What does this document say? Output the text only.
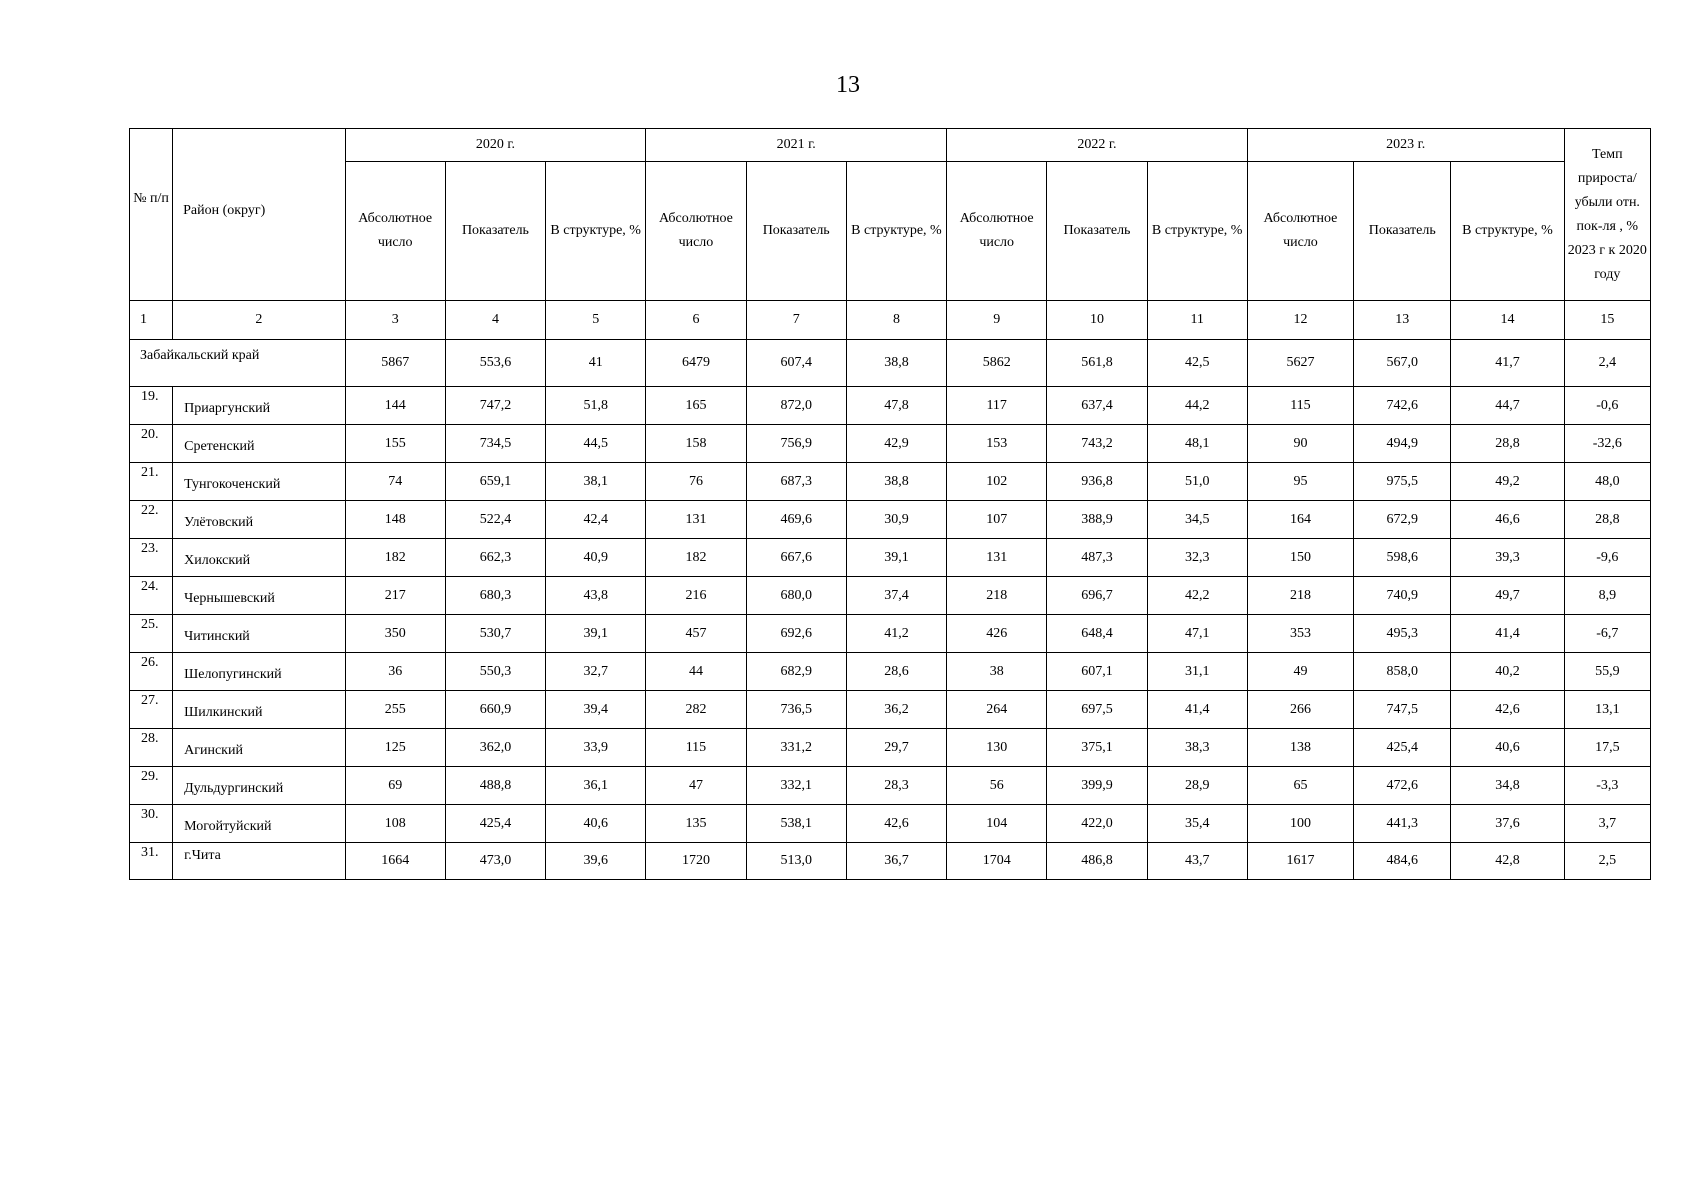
13
№ п/п	Район (округ)	2020 г.			2021 г.			2022 г.			2023 г.			Темп прироста/ убыли отн. пок-ля , % 2023 г к 2020 году
		Абсолютное число	Показатель	В структуре, %	Абсолютное число	Показатель	В структуре, %	Абсолютное число	Показатель	В структуре, %	Абсолютное число	Показатель	В структуре, %	
1	2	3	4	5	6	7	8	9	10	11	12	13	14	15
Забайкальский край		5867	553,6	41	6479	607,4	38,8	5862	561,8	42,5	5627	567,0	41,7	2,4
19.	Приаргунский	144	747,2	51,8	165	872,0	47,8	117	637,4	44,2	115	742,6	44,7	-0,6
20.	Сретенский	155	734,5	44,5	158	756,9	42,9	153	743,2	48,1	90	494,9	28,8	-32,6
21.	Тунгокоченский	74	659,1	38,1	76	687,3	38,8	102	936,8	51,0	95	975,5	49,2	48,0
22.	Улётовский	148	522,4	42,4	131	469,6	30,9	107	388,9	34,5	164	672,9	46,6	28,8
23.	Хилокский	182	662,3	40,9	182	667,6	39,1	131	487,3	32,3	150	598,6	39,3	-9,6
24.	Чернышевский	217	680,3	43,8	216	680,0	37,4	218	696,7	42,2	218	740,9	49,7	8,9
25.	Читинский	350	530,7	39,1	457	692,6	41,2	426	648,4	47,1	353	495,3	41,4	-6,7
26.	Шелопугинский	36	550,3	32,7	44	682,9	28,6	38	607,1	31,1	49	858,0	40,2	55,9
27.	Шилкинский	255	660,9	39,4	282	736,5	36,2	264	697,5	41,4	266	747,5	42,6	13,1
28.	Агинский	125	362,0	33,9	115	331,2	29,7	130	375,1	38,3	138	425,4	40,6	17,5
29.	Дульдургинский	69	488,8	36,1	47	332,1	28,3	56	399,9	28,9	65	472,6	34,8	-3,3
30.	Могойтуйский	108	425,4	40,6	135	538,1	42,6	104	422,0	35,4	100	441,3	37,6	3,7
31.	г.Чита	1664	473,0	39,6	1720	513,0	36,7	1704	486,8	43,7	1617	484,6	42,8	2,5
